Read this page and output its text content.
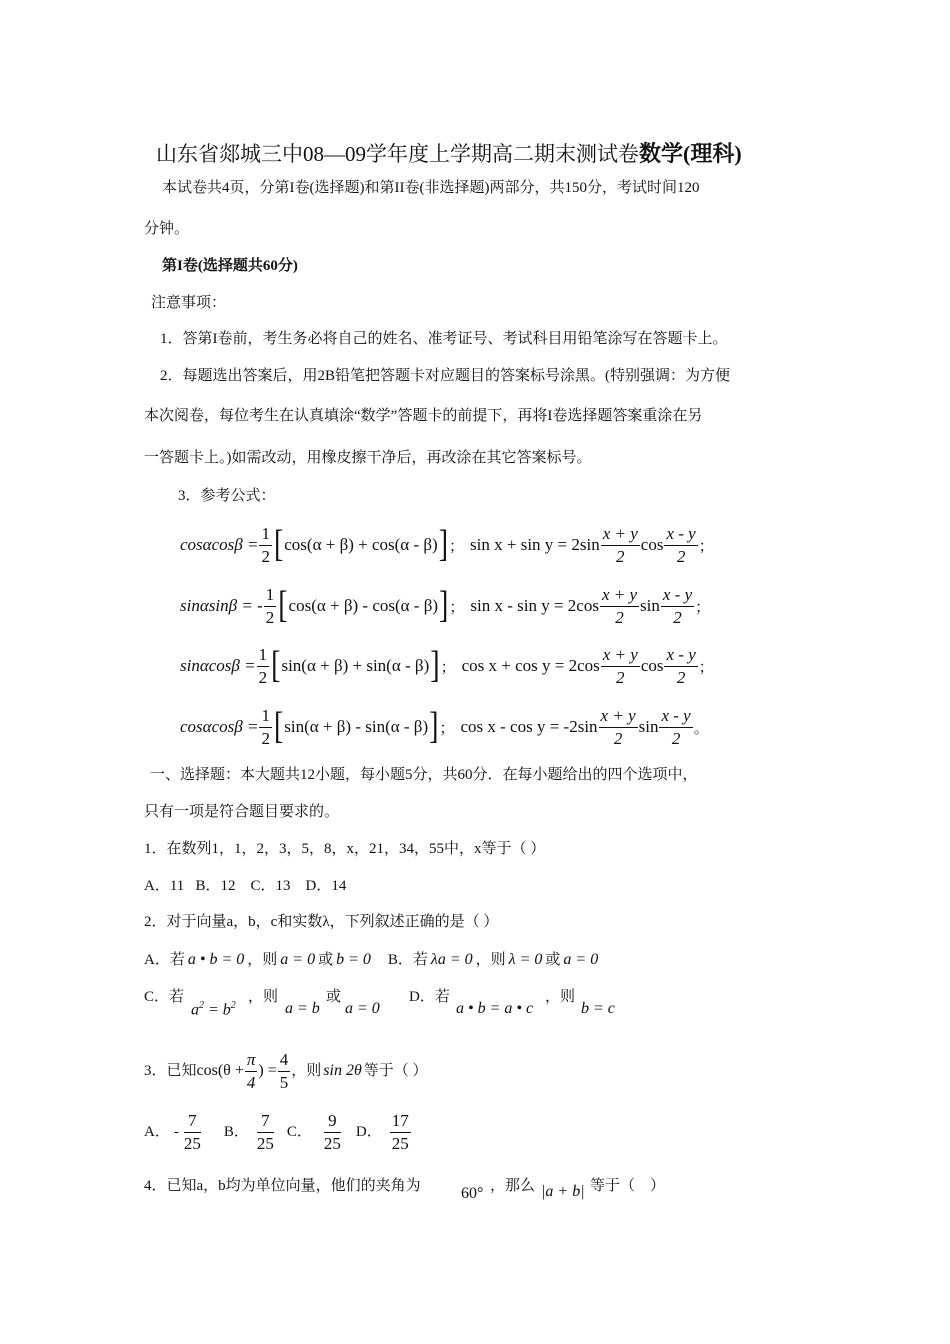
山东省郯城三中08—09学年度上学期高二期末测试卷数学(理科)
本试卷共4页，分第I卷(选择题)和第II卷(非选择题)两部分，共150分，考试时间120
分钟。
第I卷(选择题共60分)
注意事项：
1．答第I卷前，考生务必将自己的姓名、准考证号、考试科目用铅笔涂写在答题卡上。
2．每题选出答案后，用2B铅笔把答题卡对应题目的答案标号涂黑。(特别强调：为方便
本次阅卷，每位考生在认真填涂“数学”答题卡的前提下，再将I卷选择题答案重涂在另
一答题卡上。)如需改动，用橡皮擦干净后，再改涂在其它答案标号。
3．参考公式：
$\cos\alpha\cos\beta = \frac{1}{2}$ [ cos(α + β) + cos(α - β) ] ； $\sin x + \sin y = 2\sin \frac{x + y}{2}$ $\cos \frac{x - y}{2}$ ；
sinαsinβ = - $\frac{1}{2}$ [ cos(α + β) - cos(α - β) ] ； $\sin x - \sin y = 2\cos \frac{x + y}{2}$ $\sin \frac{x - y}{2}$ ；
$\sin\alpha\cos\beta = \frac{1}{2}$ [ sin(α + β) + sin(α - β) ] ； $\cos x + \cos y = 2\cos \frac{x + y}{2}$ $\cos \frac{x - y}{2}$ ；
$\cos\alpha\cos\beta = \frac{1}{2}$ [ sin(α + β) - sin(α - β) ] ； $\cos x - \cos y = -2\sin \frac{x + y}{2}$ $\sin \frac{x - y}{2}$ 。
一、选择题：本大题共12小题，每小题5分，共60分．在每小题给出的四个选项中，
只有一项是符合题目要求的。
1．在数列1，1，2，3，5，8，x，21，34，55中，x等于（ ）
A．11   B．12    C．13    D．14
2．对于向量a，b，c和实数λ，下列叙述正确的是（ ）
A．若 a • b = 0 ，则 a = 0 或 b = 0 B．若 λa = 0 ，则 λ = 0 或 a = 0
C．若
$a^2 = b^2$
，则
a = b
或
a = 0
D．若
a • b = a • c
，则
b = c
3．已知 $\cos(\theta + \frac{\pi}{4}$ ) = $\frac{4}{5}$ ，则 sin 2θ 等于（ ）
A． - $\frac{7}{25}$ B． $\frac{7}{25}$ C． $\frac{9}{25}$ D． $\frac{17}{25}$
4．已知a，b均为单位向量，他们的夹角为	60° ，那么 |a + b| 等于（    ）
